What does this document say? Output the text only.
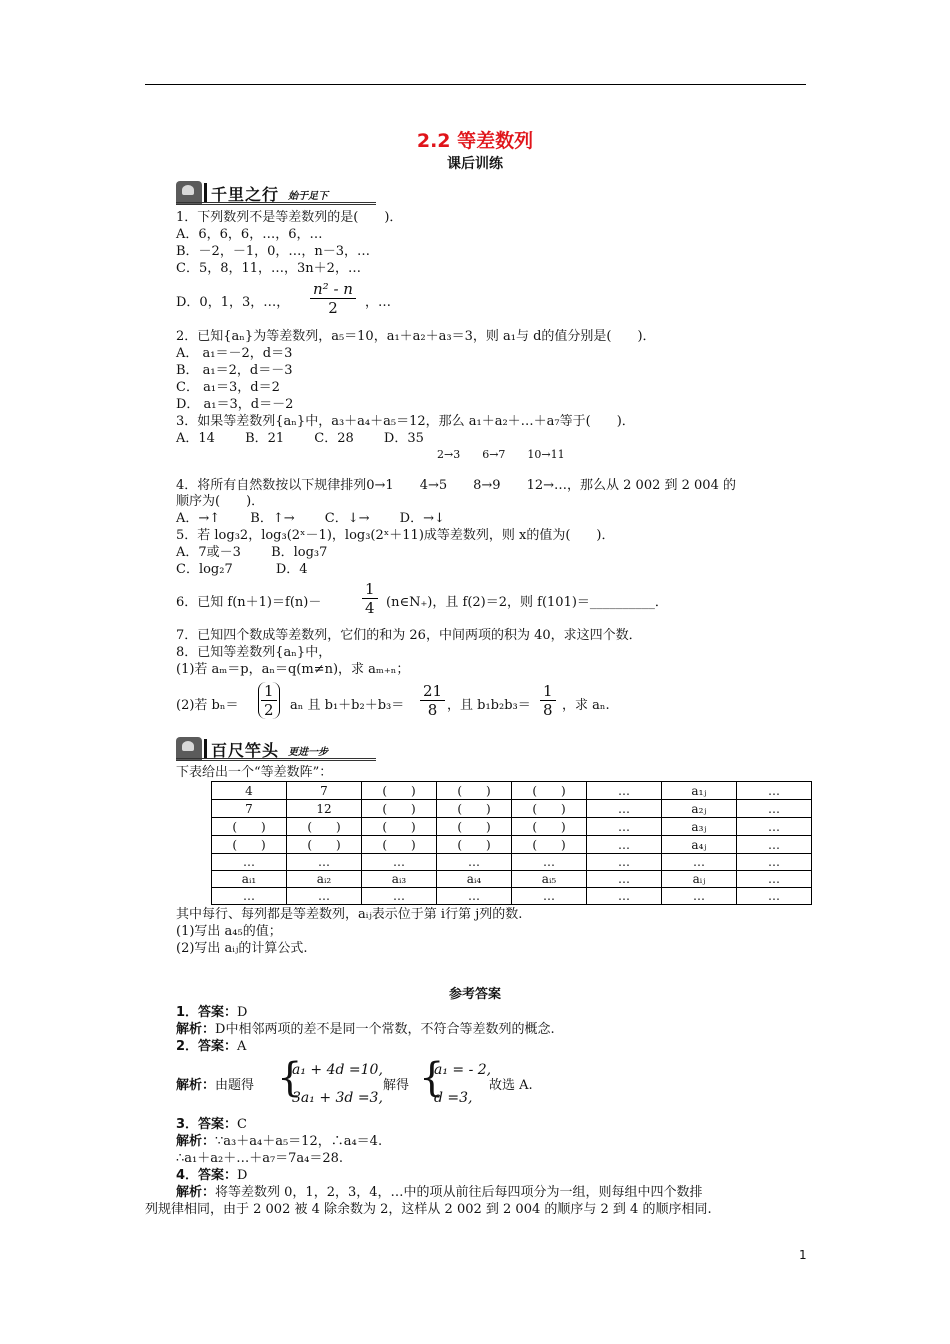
2.2 等差数列
课后训练
千里之行 始于足下
1．下列数列不是等差数列的是(　　)．
A．6，6，6，…，6，…
B．－2，－1，0，…，n－3，…
C．5，8，11，…，3n＋2，…
D．0，1，3，…， $\frac{\text{n² - n}}{2}$ ，…
2．已知{aₙ}为等差数列，a₅＝10，a₁＋a₂＋a₃＝3，则 a₁与 d的值分别是(　　)．
A． a₁＝－2，d＝3
B． a₁＝2，d＝－3
C． a₁＝3，d＝2
D． a₁＝3，d＝－2
3．如果等差数列{aₙ}中，a₃＋a₄＋a₅＝12，那么 a₁＋a₂＋…＋a₇等于(　　)．
A．14　　 B．21　　 C．28　　 D．35
2→3　　6→7　　10→11
4．将所有自然数按以下规律排列0→1　　4→5　　8→9　　12→…，那么从 2 002 到 2 004 的
顺序为(　　)．
A．→↑　　 B．↑→　　 C．↓→　　 D．→↓
5．若 log₃2，log₃(2ˣ－1)，log₃(2ˣ＋11)成等差数列，则 x的值为(　　)．
A．7或－3　　 B．log₃7
C．log₂7　　　 D．4
6．已知 f(n＋1)＝f(n)－	$\frac{1}{4}$ (n∈N₊)，且 f(2)＝2，则 f(101)＝__________．
7．已知四个数成等差数列，它们的和为 26，中间两项的积为 40，求这四个数．
8．已知等差数列{aₙ}中，
(1)若 aₘ＝p，aₙ＝q(m≠n)，求 aₘ₊ₙ；
(2)若 $b_n= \frac{1}{2}$ aₙ 且 $b_1+b_2+b_3= \frac{21}{8}$ ，且 $b_1b_2b_3= \frac{1}{8}$ ，求 aₙ.
百尺竿头 更进一步
下表给出一个“等差数阵”：
4	7	(　　)	(　　)	(　　)	…	a₁ⱼ	…
7	12	(　　)	(　　)	(　　)	…	a₂ⱼ	…
(　　)	(　　)	(　　)	(　　)	(　　)	…	a₃ⱼ	…
(　　)	(　　)	(　　)	(　　)	(　　)	…	a₄ⱼ	…
…	…	…	…	…	…	…	…
aᵢ₁	aᵢ₂	aᵢ₃	aᵢ₄	aᵢ₅	…	aᵢⱼ	…
…	…	…	…	…	…	…	…
其中每行、每列都是等差数列，aᵢⱼ表示位于第 i行第 j列的数.
(1)写出 a₄₅的值；
(2)写出 aᵢⱼ的计算公式.
参考答案
1．答案：D
解析：D中相邻两项的差不是同一个常数，不符合等差数列的概念.
2．答案：A
解析：由题得 {
a₁ + 4d =10,
3a₁ + 3d =3,
解得 {
a₁ = - 2,
d =3,
故选 A.
3．答案：C
解析：∵a₃＋a₄＋a₅＝12，∴a₄＝4.
∴a₁＋a₂＋…＋a₇＝7a₄＝28.
4．答案：D
解析：将等差数列 0，1，2，3，4，…中的项从前往后每四项分为一组，则每组中四个数排
列规律相同，由于 2 002 被 4 除余数为 2，这样从 2 002 到 2 004 的顺序与 2 到 4 的顺序相同.
1
